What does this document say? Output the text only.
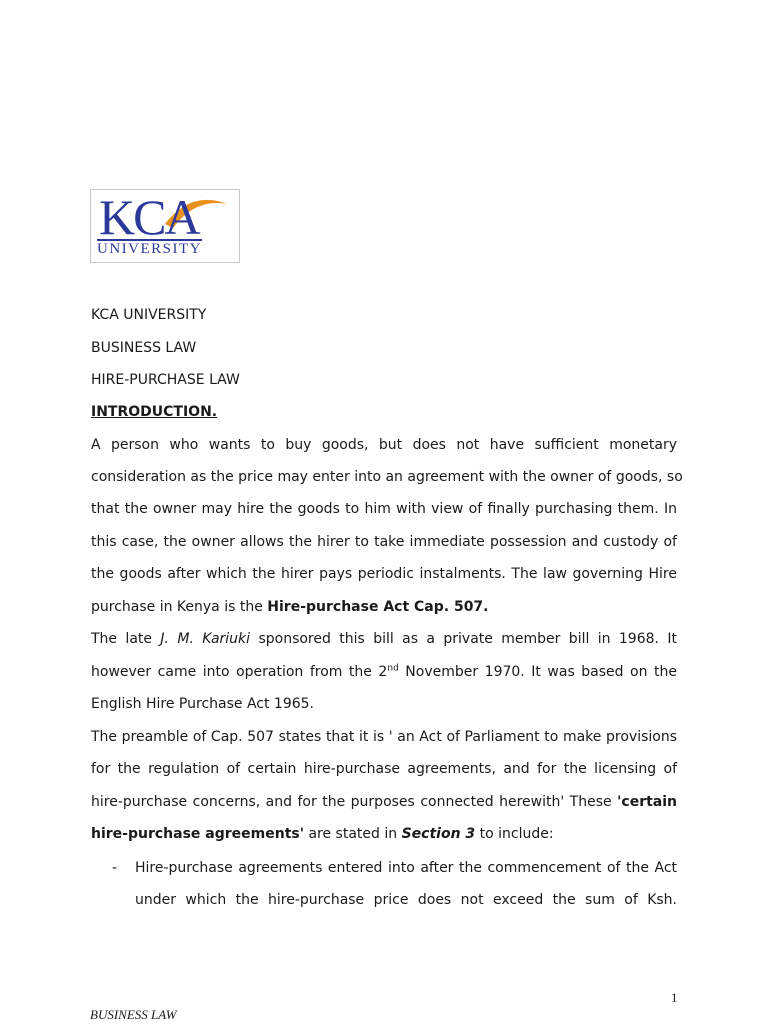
KCA
UNIVERSITY
KCA UNIVERSITY
BUSINESS LAW
HIRE-PURCHASE LAW
INTRODUCTION.
A person who wants to buy goods, but does not have sufficient monetary
consideration as the price may enter into an agreement with the owner of goods, so
that the owner may hire the goods to him with view of finally purchasing them. In
this case, the owner allows the hirer to take immediate possession and custody of
the goods after which the hirer pays periodic instalments. The law governing Hire
purchase in Kenya is the Hire-purchase Act Cap. 507.
The late J. M. Kariuki sponsored this bill as a private member bill in 1968. It
however came into operation from the 2nd November 1970. It was based on the
English Hire Purchase Act 1965.
The preamble of Cap. 507 states that it is ' an Act of Parliament to make provisions
for the regulation of certain hire-purchase agreements, and for the licensing of
hire-purchase concerns, and for the purposes connected herewith' These 'certain
hire-purchase agreements' are stated in Section 3 to include:
- Hire-purchase agreements entered into after the commencement of the Act
under which the hire-purchase price does not exceed the sum of Ksh.
1
BUSINESS LAW
